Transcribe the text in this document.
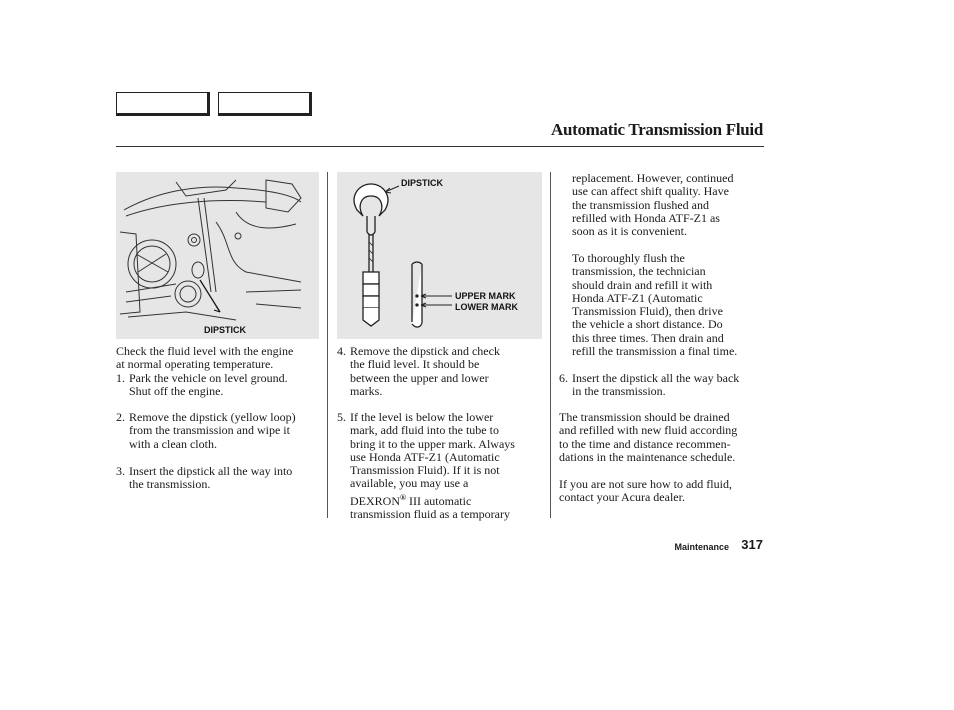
Automatic Transmission Fluid
DIPSTICK
DIPSTICK
UPPER MARK
LOWER MARK
Check the fluid level with the engine
at normal operating temperature.
1. Park the vehicle on level ground.
Shut off the engine.
2. Remove the dipstick (yellow loop)
from the transmission and wipe it
with a clean cloth.
3. Insert the dipstick all the way into
the transmission.
4. Remove the dipstick and check
the fluid level. It should be
between the upper and lower
marks.
5. If the level is below the lower
mark, add fluid into the tube to
bring it to the upper mark. Always
use Honda ATF-Z1 (Automatic
Transmission Fluid). If it is not
available, you may use a
DEXRON® III automatic
transmission fluid as a temporary
replacement. However, continued
use can affect shift quality. Have
the transmission flushed and
refilled with Honda ATF-Z1 as
soon as it is convenient.
To thoroughly flush the
transmission, the technician
should drain and refill it with
Honda ATF-Z1 (Automatic
Transmission Fluid), then drive
the vehicle a short distance. Do
this three times. Then drain and
refill the transmission a final time.
6. Insert the dipstick all the way back
in the transmission.
The transmission should be drained
and refilled with new fluid according
to the time and distance recommen-
dations in the maintenance schedule.
If you are not sure how to add fluid,
contact your Acura dealer.
Maintenance 317
